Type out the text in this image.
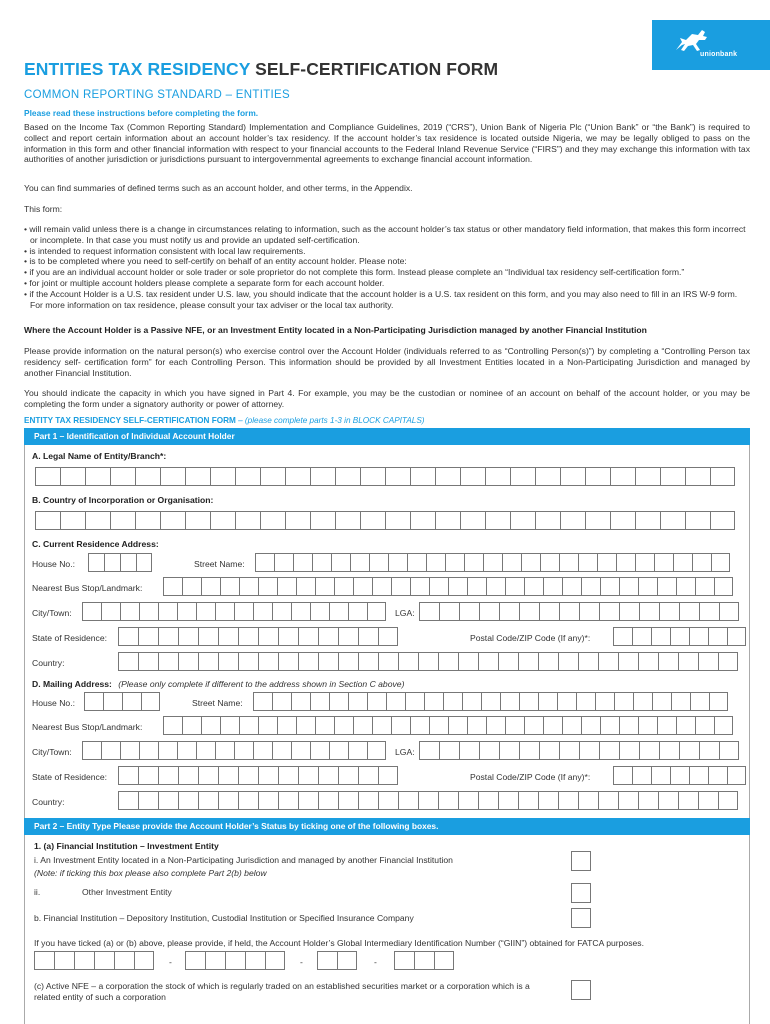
unionbank
ENTITIES TAX RESIDENCY SELF-CERTIFICATION FORM
COMMON REPORTING STANDARD – ENTITIES
Please read these instructions before completing the form.
Based on the Income Tax (Common Reporting Standard) Implementation and Compliance Guidelines, 2019 (“CRS”), Union Bank of Nigeria Plc (“Union Bank” or “the Bank”) is required to collect and report certain information about an account holder’s tax residency. If the account holder’s tax residence is located outside Nigeria, we may be legally obliged to pass on the information in this form and other financial information with respect to your financial accounts to the Federal Inland Revenue Service (“FIRS”) and they may exchange this information with tax authorities of another jurisdiction or jurisdictions pursuant to intergovernmental agreements to exchange financial account information.
You can find summaries of defined terms such as an account holder, and other terms, in the Appendix.
This form:
• will remain valid unless there is a change in circumstances relating to information, such as the account holder’s tax status or other mandatory field information, that makes this form incorrect or incomplete. In that case you must notify us and provide an updated self-certification.
• is intended to request information consistent with local law requirements.
• is to be completed where you need to self-certify on behalf of an entity account holder. Please note:
• if you are an individual account holder or sole trader or sole proprietor do not complete this form. Instead please complete an “Individual tax residency self-certification form.”
• for joint or multiple account holders please complete a separate form for each account holder.
• if the Account Holder is a U.S. tax resident under U.S. law, you should indicate that the account holder is a U.S. tax resident on this form, and you may also need to fill in an IRS W-9 form. For more information on tax residence, please consult your tax adviser or the local tax authority.
Where the Account Holder is a Passive NFE, or an Investment Entity located in a Non-Participating Jurisdiction managed by another Financial Institution
Please provide information on the natural person(s) who exercise control over the Account Holder (individuals referred to as “Controlling Person(s)”) by completing a “Controlling Person tax residency self- certification form” for each Controlling Person. This information should be provided by all Investment Entities located in a Non-Participating Jurisdiction and managed by another Financial Institution.
You should indicate the capacity in which you have signed in Part 4. For example, you may be the custodian or nominee of an account on behalf of the account holder, or you may be completing the form under a signatory authority or power of attorney.
ENTITY TAX RESIDENCY SELF-CERTIFICATION FORM – (please complete parts 1-3 in BLOCK CAPITALS)
Part 1 – Identification of Individual Account Holder
A. Legal Name of Entity/Branch*:
B. Country of Incorporation or Organisation:
C. Current Residence Address:
House No.:	Street Name:
Nearest Bus Stop/Landmark:
City/Town:	LGA:
State of Residence:	Postal Code/ZIP Code (If any)*:
Country:
D. Mailing Address: (Please only complete if different to the address shown in Section C above)
House No.:	Street Name:
Nearest Bus Stop/Landmark:
City/Town:	LGA:
State of Residence:	Postal Code/ZIP Code (If any)*:
Country:
Part 2 – Entity Type Please provide the Account Holder’s Status by ticking one of the following boxes.
1. (a) Financial Institution – Investment Entity
i. An Investment Entity located in a Non-Participating Jurisdiction and managed by another Financial Institution
(Note: if ticking this box please also complete Part 2(b) below
ii.	Other Investment Entity
b. Financial Institution – Depository Institution, Custodial Institution or Specified Insurance Company
If you have ticked (a) or (b) above, please provide, if held, the Account Holder’s Global Intermediary Identification Number (“GIIN”) obtained for FATCA purposes.
-	-	-
(c) Active NFE – a corporation the stock of which is regularly traded on an established securities market or a corporation which is a related entity of such a corporation
